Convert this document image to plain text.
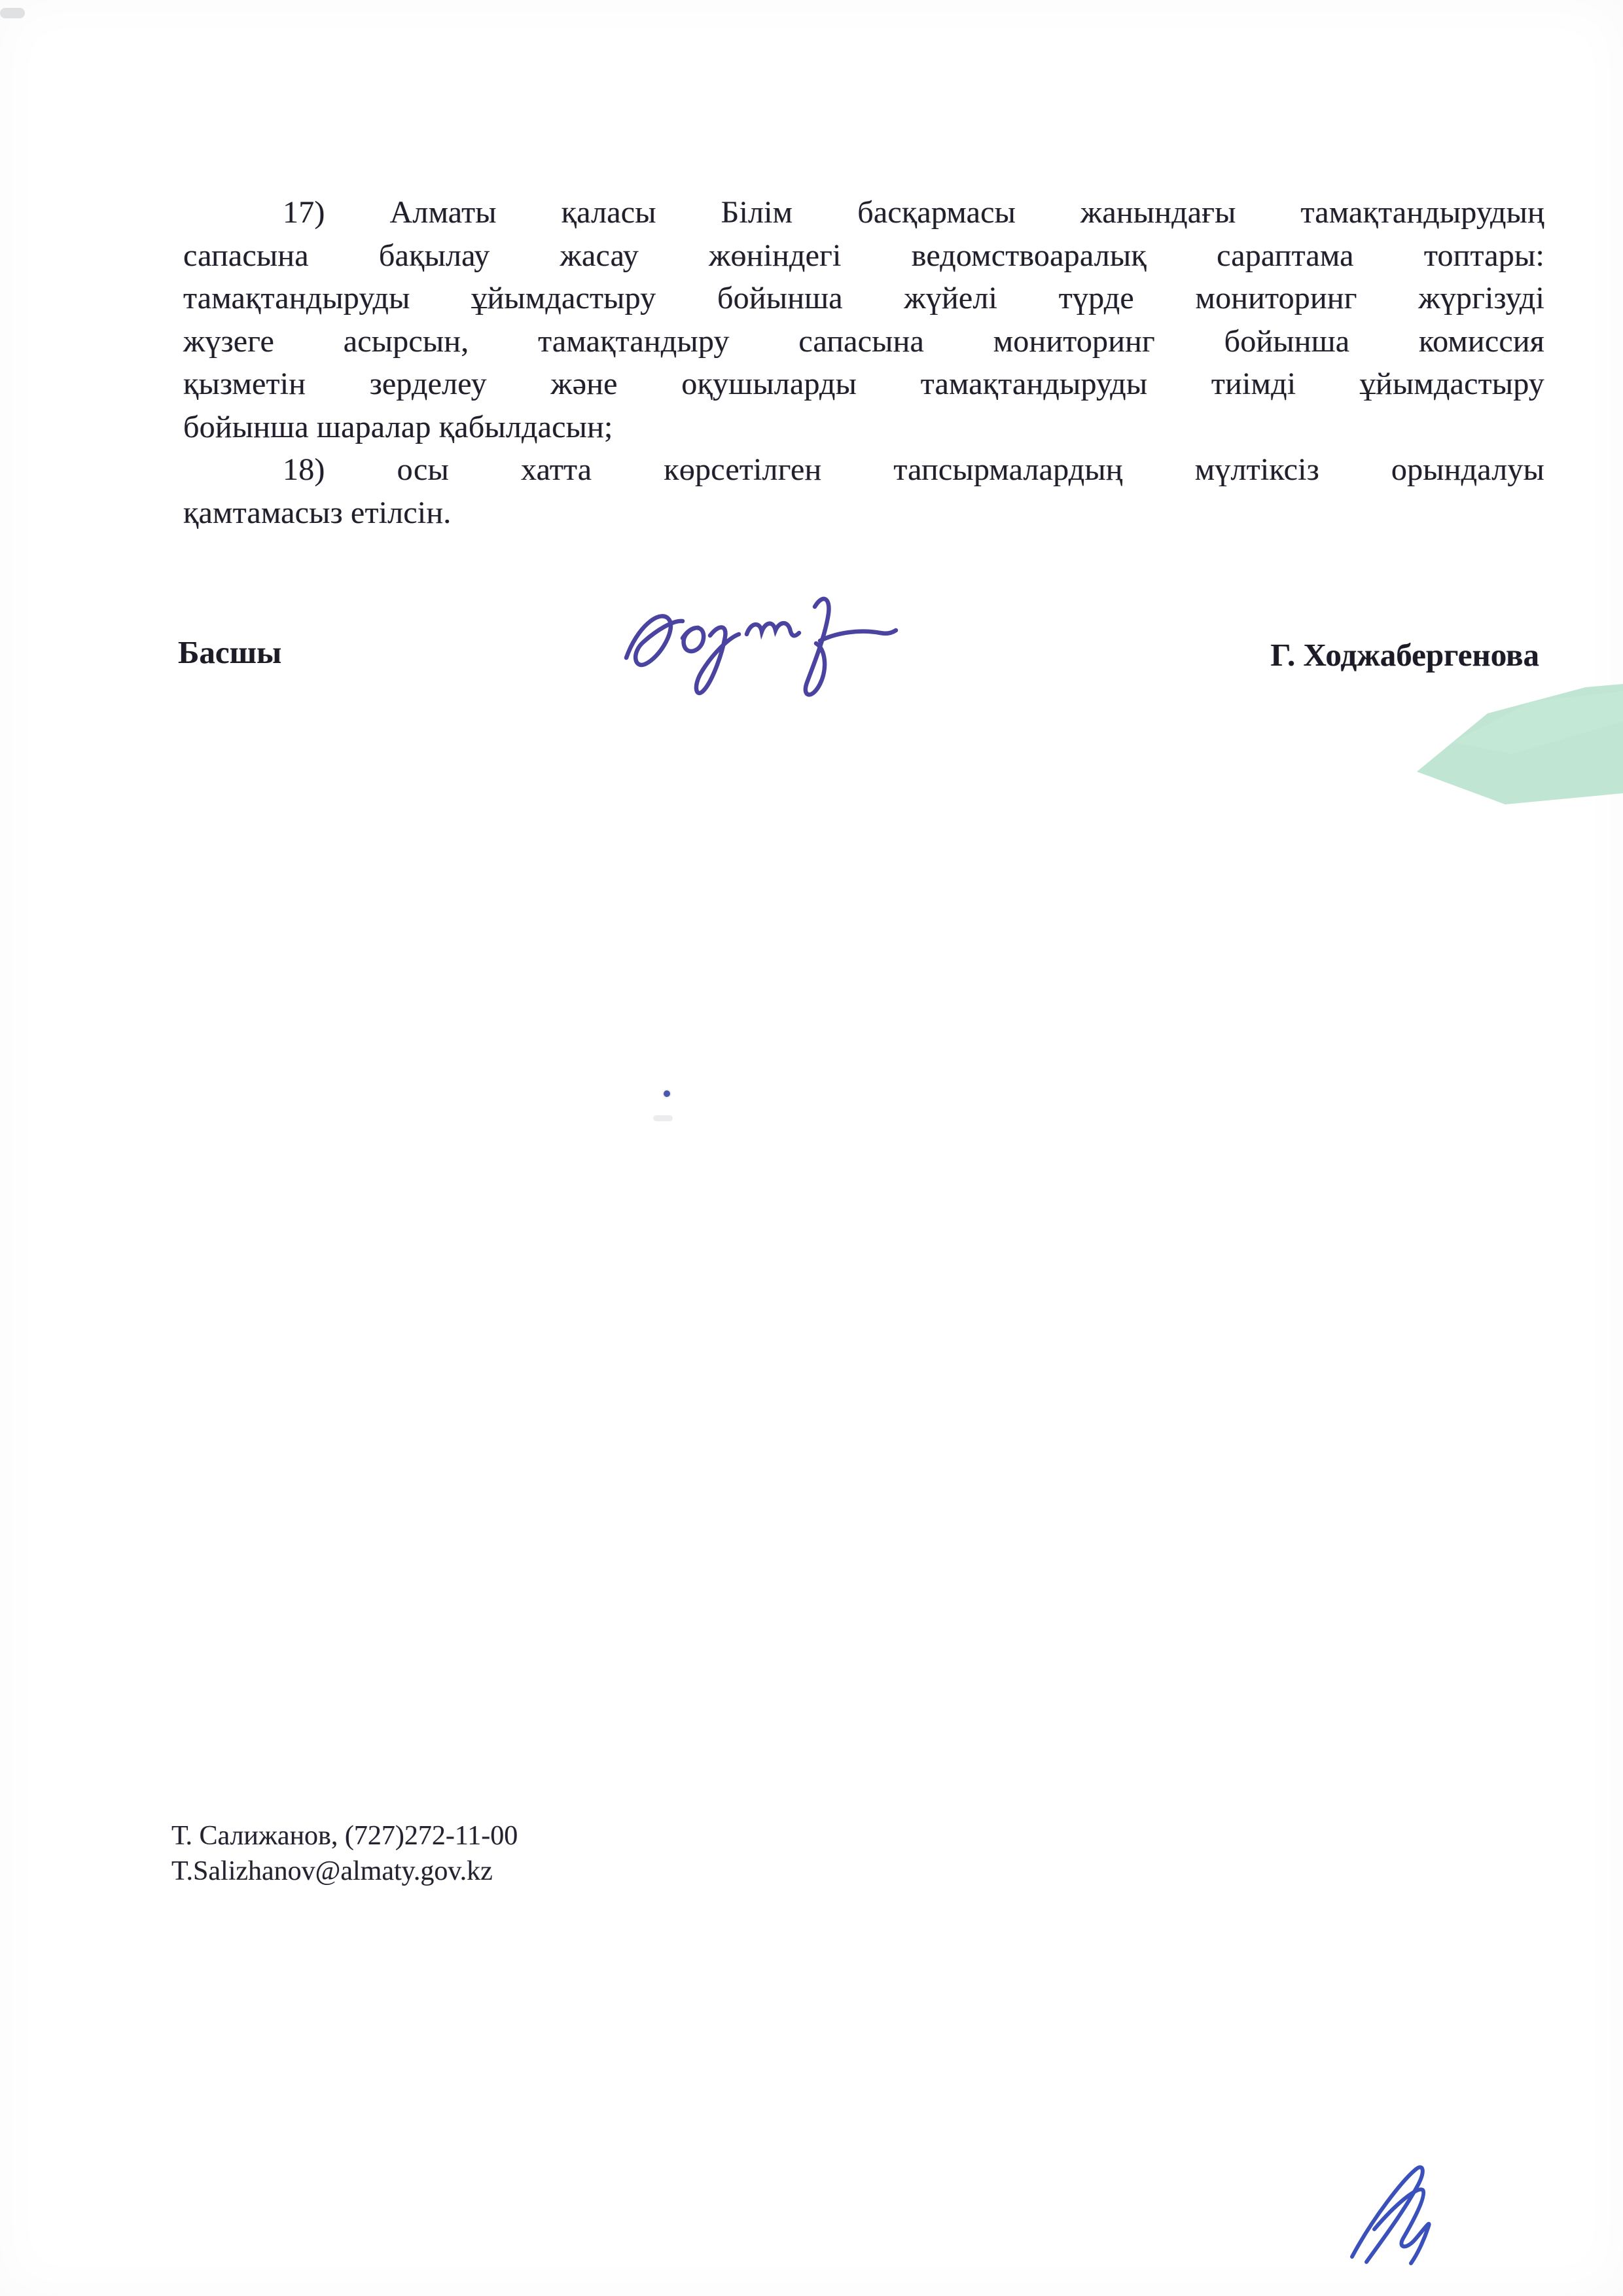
17) Алматы қаласы Білім басқармасы жанындағы тамақтандырудың
сапасына бақылау жасау жөніндегі ведомствоаралық сараптама топтары:
тамақтандыруды ұйымдастыру бойынша жүйелі түрде мониторинг жүргізуді
жүзеге асырсын, тамақтандыру сапасына мониторинг бойынша комиссия
қызметін зерделеу және оқушыларды тамақтандыруды тиімді ұйымдастыру
бойынша шаралар қабылдасын;
18) осы хатта көрсетілген тапсырмалардың мүлтіксіз орындалуы
қамтамасыз етілсін.
Басшы	Г. Ходжабергенова
Т. Салижанов, (727)272-11-00
T.Salizhanov@almaty.gov.kz
